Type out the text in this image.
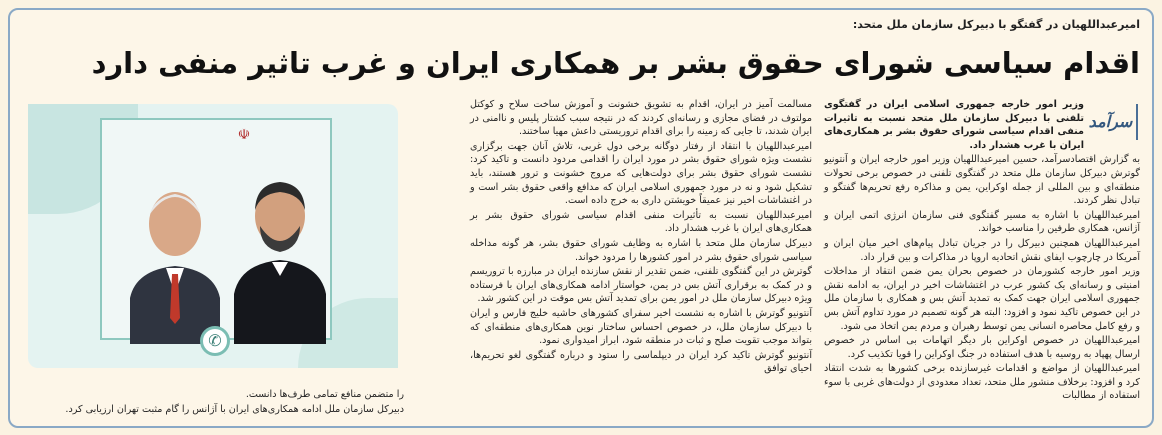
امیرعبداللهیان در گفتگو با دبیرکل سازمان ملل متحد:
اقدام سیاسی شورای حقوق بشر بر همکاری ایران و غرب تاثیر منفی دارد

وزیر امور خارجه جمهوری اسلامی ایران در گفتگوی تلفنی با دبیرکل سازمان ملل متحد نسبت به تاثیرات منفی اقدام سیاسی شورای حقوق بشر بر همکاری‌های ایران با غرب هشدار داد.

به گزارش اقتصادسرآمد، حسین امیرعبداللهیان وزیر امور خارجه ایران و آنتونیو گوترش دبیرکل سازمان ملل متحد در گفتگوی تلفنی در خصوص برخی تحولات منطقه‌ای و بین المللی از جمله اوکراین، یمن و مذاکره رفع تحریم‌ها گفتگو و تبادل نظر کردند.

امیرعبداللهیان با اشاره به مسیر گفتگوی فنی سازمان انرژی اتمی ایران و آژانس، همکاری طرفین را مناسب خواند.

امیرعبداللهیان همچنین دبیرکل را در جریان تبادل پیام‌های اخیر میان ایران و آمریکا در چارچوب ایفای نقش اتحادیه اروپا در مذاکرات و بین قرار داد.

وزیر امور خارجه کشورمان در خصوص بحران یمن ضمن انتقاد از مداخلات امنیتی و رسانه‌ای یک کشور عرب در اغتشاشات اخیر در ایران، به ادامه نقش جمهوری اسلامی ایران جهت کمک به تمدید آتش بس و همکاری با سازمان ملل در این خصوص تاکید نمود و افزود: البته هر گونه تصمیم در مورد تداوم آتش بس و رفع کامل محاصره انسانی یمن توسط رهبران و مردم یمن اتخاذ می شود.

امیرعبداللهیان در خصوص اوکراین بار دیگر اتهامات بی اساس در خصوص ارسال پهپاد به روسیه با هدف استفاده در جنگ اوکراین را قویا تکذیب کرد.

امیرعبداللهیان از مواضع و اقدامات غیرسازنده برخی کشورها به شدت انتقاد کرد و افزود: برخلاف منشور ملل متحد، تعداد معدودی از دولت‌های غربی با سوء استفاده از مطالبات

سرآمد

مسالمت آمیز در ایران، اقدام به تشویق خشونت و آموزش ساخت سلاح و کوکتل مولتوف در فضای مجازی و رسانه‌ای کردند که در نتیجه سبب کشتار پلیس و ناامنی در ایران شدند، تا جایی که زمینه را برای اقدام تروریستی داعش مهیا ساختند.

امیرعبداللهیان با انتقاد از رفتار دوگانه برخی دول غربی، تلاش آنان جهت برگزاری نشست ویژه شورای حقوق بشر در مورد ایران را اقدامی مردود دانست و تاکید کرد: نشست شورای حقوق بشر برای دولت‌هایی که مروج خشونت و ترور هستند، باید تشکیل شود و نه در مورد جمهوری اسلامی ایران که مدافع واقعی حقوق بشر است و در اغتشاشات اخیر نیز عمیقاً خویشتن داری به خرج داده است.

امیرعبداللهیان نسبت به تأثیرات منفی اقدام سیاسی شورای حقوق بشر بر همکاری‌های ایران با غرب هشدار داد.

دبیرکل سازمان ملل متحد با اشاره به وظایف شورای حقوق بشر، هر گونه مداخله سیاسی شورای حقوق بشر در امور کشورها را مردود خواند.

گوترش در این گفتگوی تلفنی، ضمن تقدیر از نقش سازنده ایران در مبارزه با تروریسم و در کمک به برقراری آتش بس در یمن، خواستار ادامه همکاری‌های ایران با فرستاده ویژه دبیرکل سازمان ملل در امور یمن برای تمدید آتش بس موقت در این کشور شد.

آنتونیو گوترش با اشاره به نشست اخیر سفرای کشورهای حاشیه خلیج فارس و ایران با دبیرکل سازمان ملل، در خصوص احساس ساختار نوین همکاری‌های منطقه‌ای که بتواند موجب تقویت صلح و ثبات در منطقه شود، ابراز امیدواری نمود.

آنتونیو گوترش تاکید کرد ایران در دیپلماسی را ستود و درباره گفتگوی لغو تحریم‌ها، احیای توافق

را متضمن منافع تمامی طرف‌ها دانست.

دبیرکل سازمان ملل ادامه همکاری‌های ایران با آژانس را گام مثبت تهران ارزیابی کرد.

☫
✆
